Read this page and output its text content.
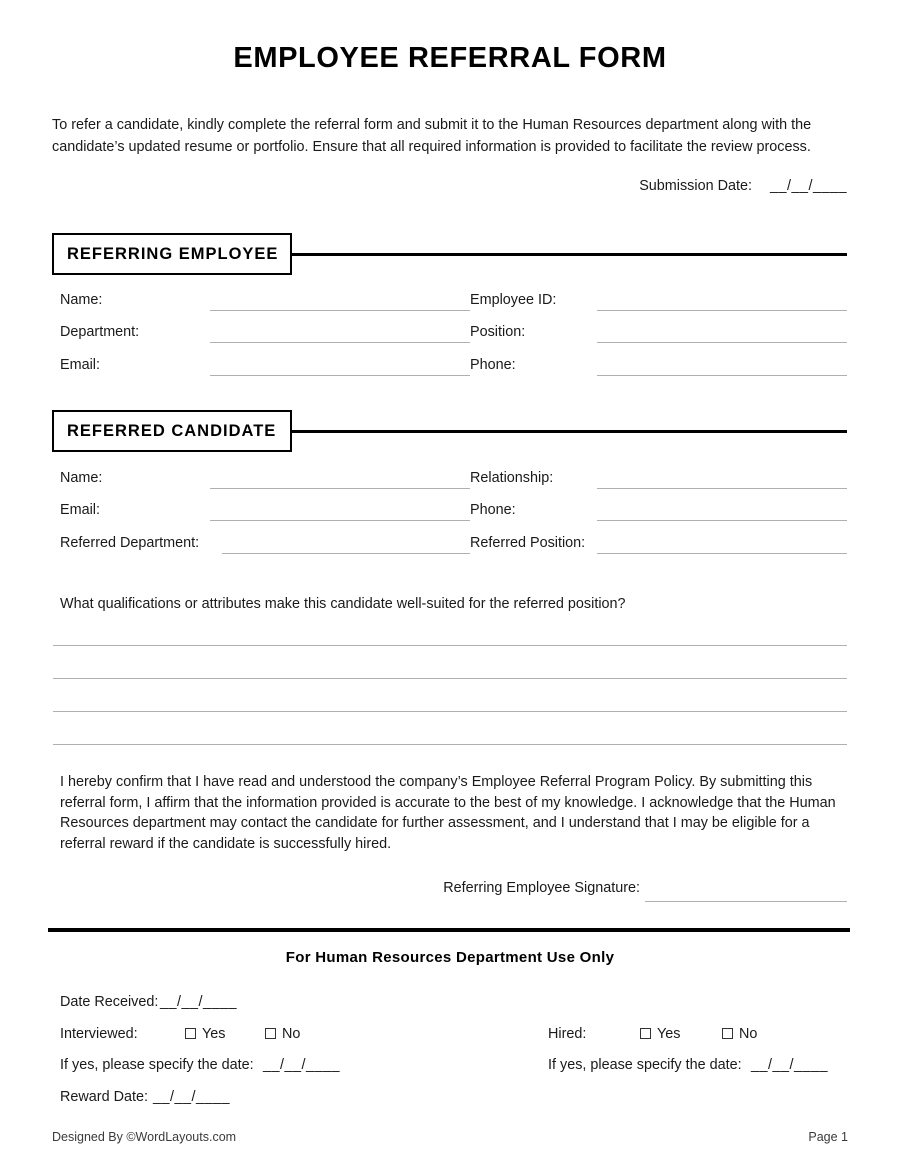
EMPLOYEE REFERRAL FORM
To refer a candidate, kindly complete the referral form and submit it to the Human Resources department along with the candidate’s updated resume or portfolio. Ensure that all required information is provided to facilitate the review process.
Submission Date: __/__/____
REFERRING EMPLOYEE
Name:	Employee ID:
Department:	Position:
Email:	Phone:
REFERRED CANDIDATE
Name:	Relationship:
Email:	Phone:
Referred Department:	Referred Position:
What qualifications or attributes make this candidate well-suited for the referred position?
I hereby confirm that I have read and understood the company’s Employee Referral Program Policy. By submitting this referral form, I affirm that the information provided is accurate to the best of my knowledge. I acknowledge that the Human Resources department may contact the candidate for further assessment, and I understand that I may be eligible for a referral reward if the candidate is successfully hired.
Referring Employee Signature:
For Human Resources Department Use Only
Date Received: __/__/____
Interviewed:	Yes	No	Hired:	Yes	No
If yes, please specify the date: __/__/____	If yes, please specify the date: __/__/____
Reward Date: __/__/____
Designed By ©WordLayouts.com	Page 1
